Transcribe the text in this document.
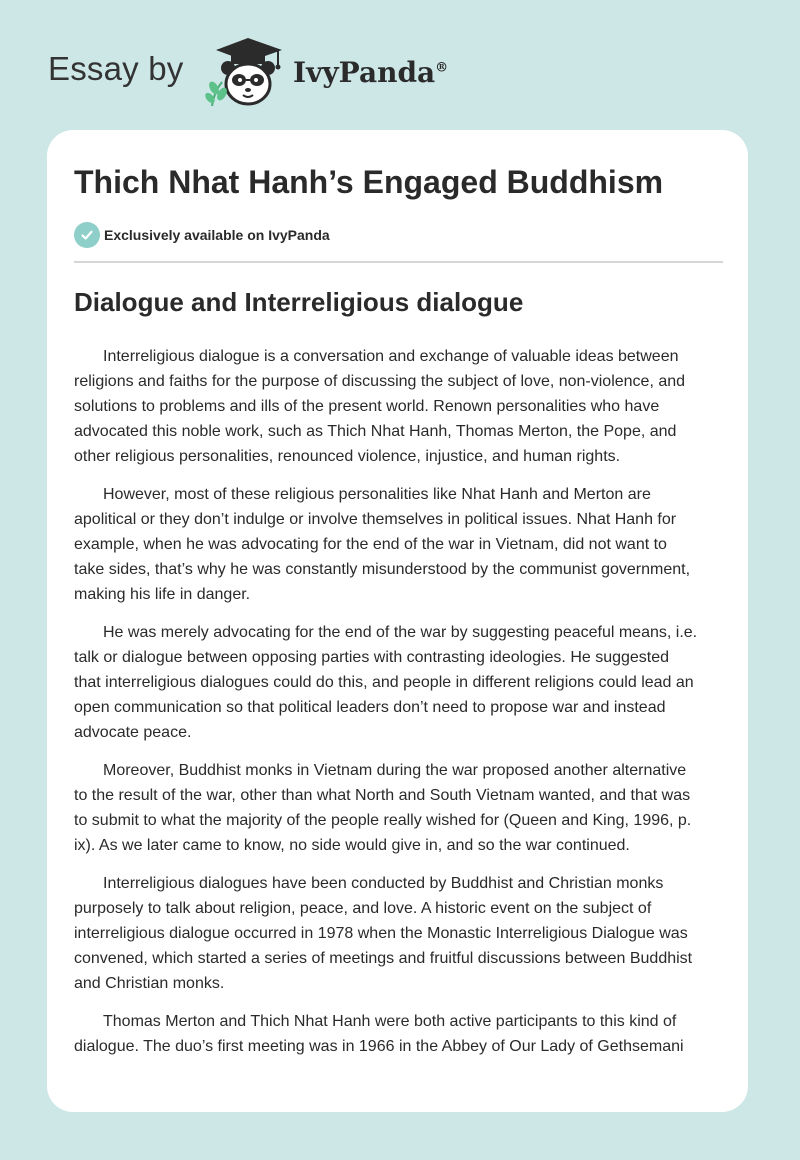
Essay by	IvyPanda®
Thich Nhat Hanh’s Engaged Buddhism
Exclusively available on IvyPanda
Dialogue and Interreligious dialogue

Interreligious dialogue is a conversation and exchange of valuable ideas between
religions and faiths for the purpose of discussing the subject of love, non-violence, and
solutions to problems and ills of the present world. Renown personalities who have
advocated this noble work, such as Thich Nhat Hanh, Thomas Merton, the Pope, and
other religious personalities, renounced violence, injustice, and human rights.

However, most of these religious personalities like Nhat Hanh and Merton are
apolitical or they don’t indulge or involve themselves in political issues. Nhat Hanh for
example, when he was advocating for the end of the war in Vietnam, did not want to
take sides, that’s why he was constantly misunderstood by the communist government,
making his life in danger.

He was merely advocating for the end of the war by suggesting peaceful means, i.e.
talk or dialogue between opposing parties with contrasting ideologies. He suggested
that interreligious dialogues could do this, and people in different religions could lead an
open communication so that political leaders don’t need to propose war and instead
advocate peace.

Moreover, Buddhist monks in Vietnam during the war proposed another alternative
to the result of the war, other than what North and South Vietnam wanted, and that was
to submit to what the majority of the people really wished for (Queen and King, 1996, p.
ix). As we later came to know, no side would give in, and so the war continued.

Interreligious dialogues have been conducted by Buddhist and Christian monks
purposely to talk about religion, peace, and love. A historic event on the subject of
interreligious dialogue occurred in 1978 when the Monastic Interreligious Dialogue was
convened, which started a series of meetings and fruitful discussions between Buddhist
and Christian monks.

Thomas Merton and Thich Nhat Hanh were both active participants to this kind of
dialogue. The duo’s first meeting was in 1966 in the Abbey of Our Lady of Gethsemani
